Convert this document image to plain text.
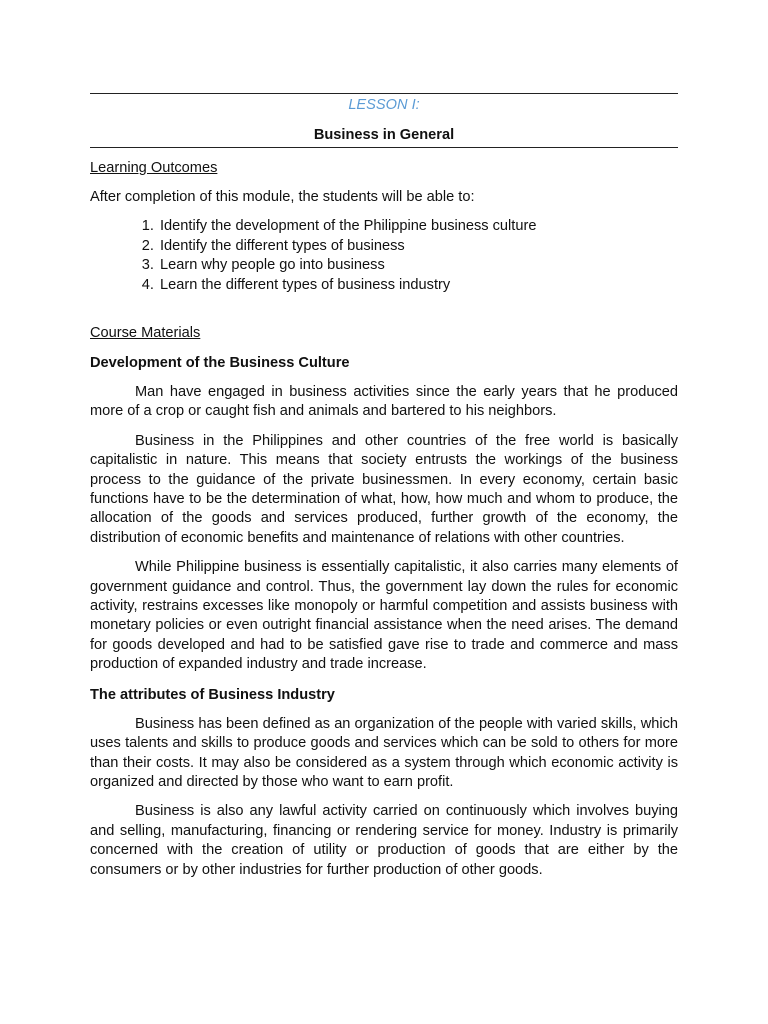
LESSON I:
Business in General
Learning Outcomes
After completion of this module, the students will be able to:
1. Identify the development of the Philippine business culture
2. Identify the different types of business
3. Learn why people go into business
4. Learn the different types of business industry
Course Materials
Development of the Business Culture

Man have engaged in business activities since the early years that he produced more of a crop or caught fish and animals and bartered to his neighbors.

Business in the Philippines and other countries of the free world is basically capitalistic in nature. This means that society entrusts the workings of the business process to the guidance of the private businessmen. In every economy, certain basic functions have to be the determination of what, how, how much and whom to produce, the allocation of the goods and services produced, further growth of the economy, the distribution of economic benefits and maintenance of relations with other countries.

While Philippine business is essentially capitalistic, it also carries many elements of government guidance and control. Thus, the government lay down the rules for economic activity, restrains excesses like monopoly or harmful competition and assists business with monetary policies or even outright financial assistance when the need arises. The demand for goods developed and had to be satisfied gave rise to trade and commerce and mass production of expanded industry and trade increase.

The attributes of Business Industry

Business has been defined as an organization of the people with varied skills, which uses talents and skills to produce goods and services which can be sold to others for more than their costs. It may also be considered as a system through which economic activity is organized and directed by those who want to earn profit.

Business is also any lawful activity carried on continuously which involves buying and selling, manufacturing, financing or rendering service for money. Industry is primarily concerned with the creation of utility or production of goods that are either by the consumers or by other industries for further production of other goods.
